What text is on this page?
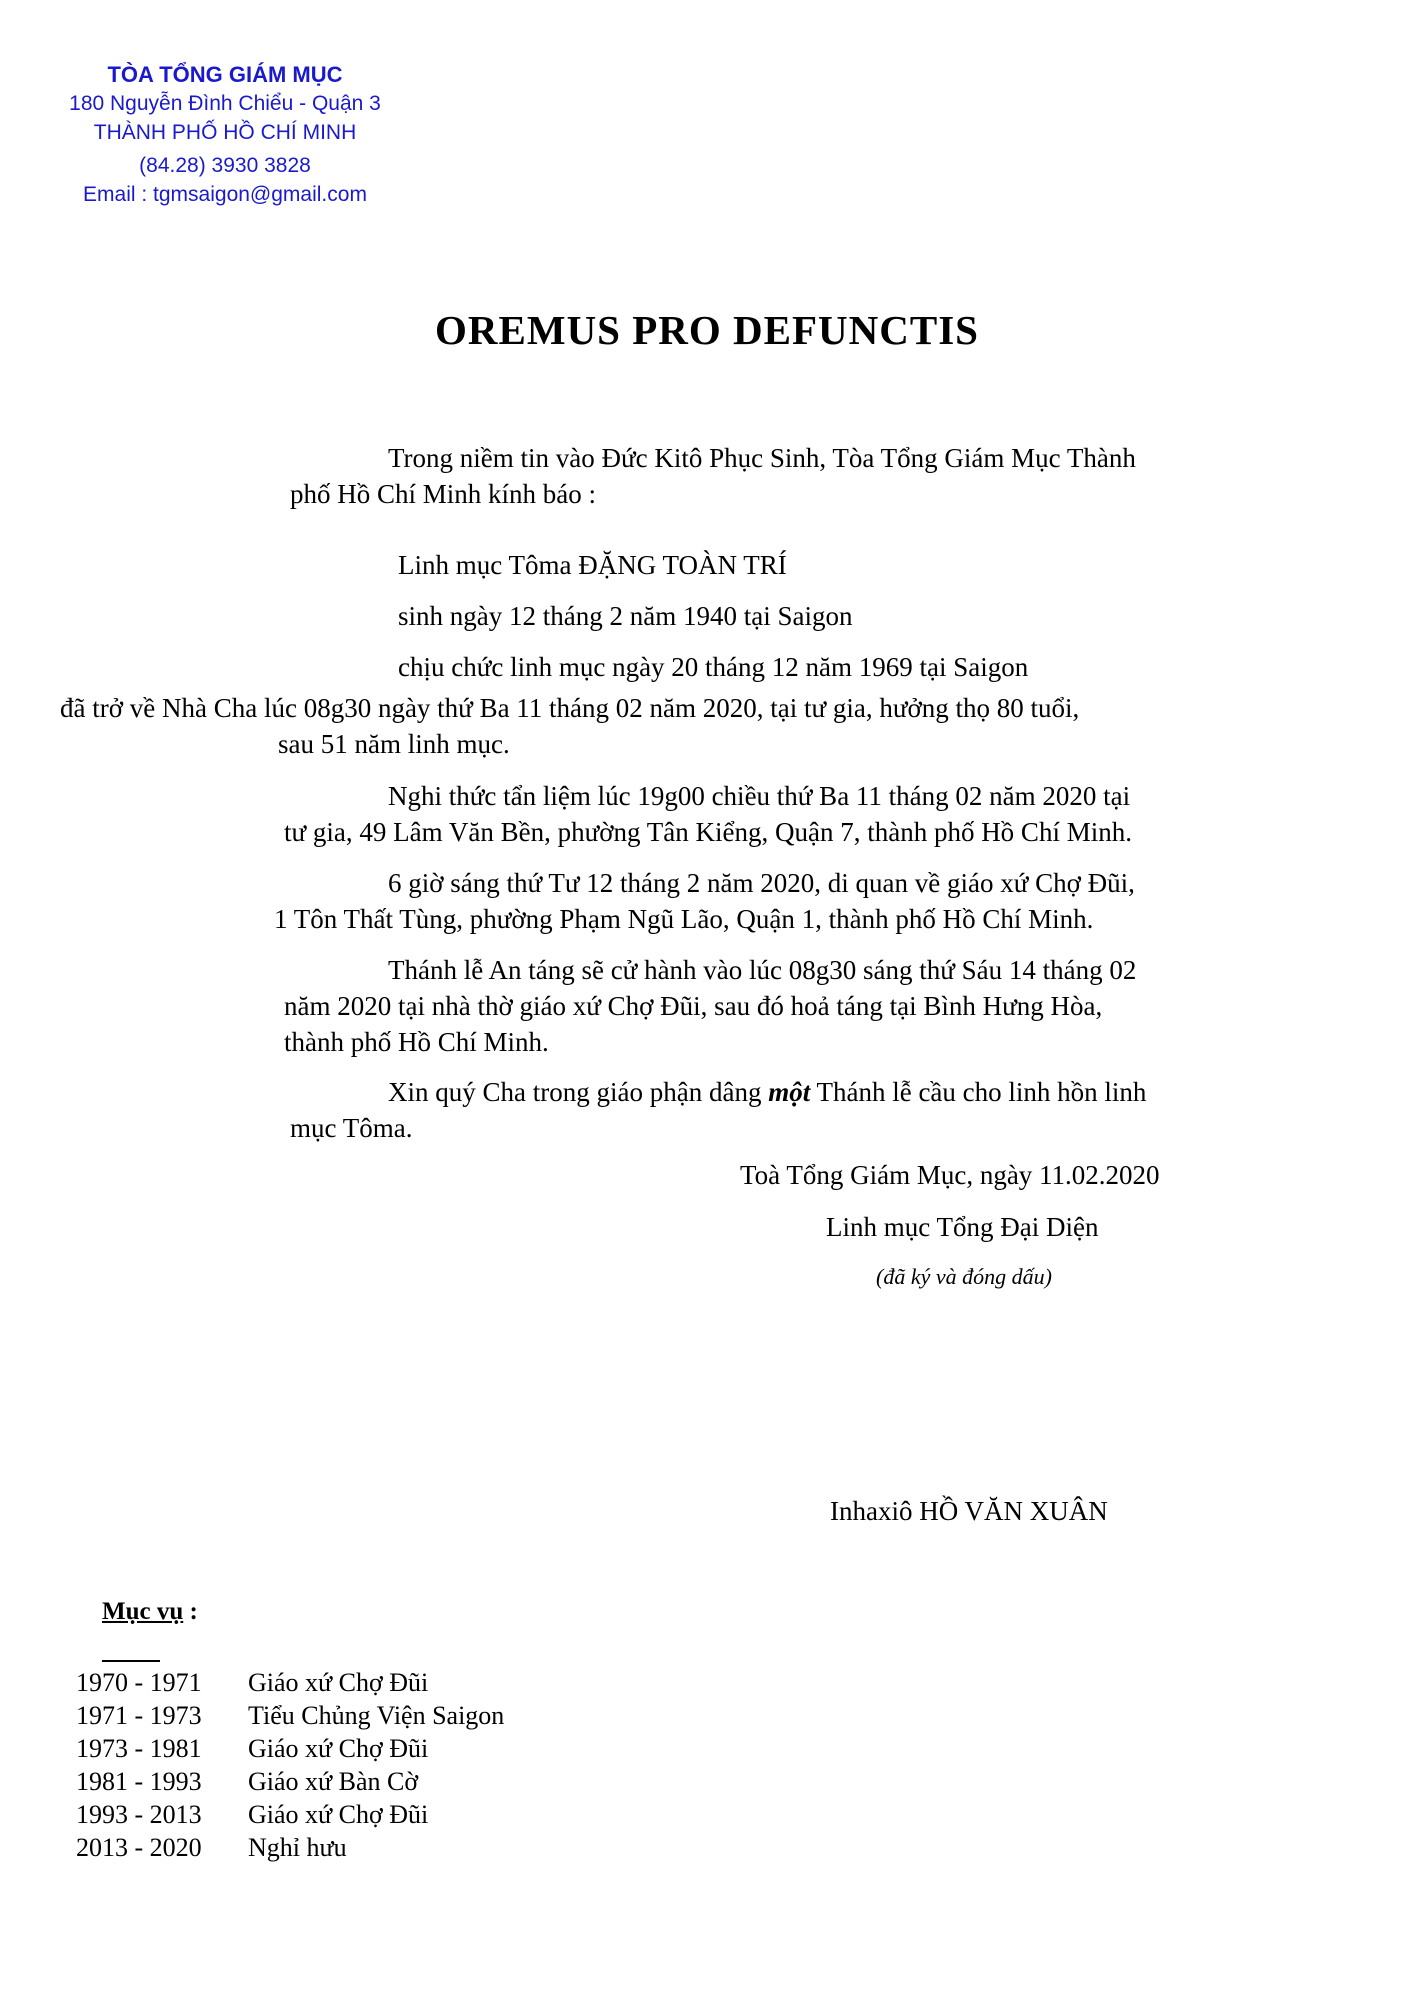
TÒA TỔNG GIÁM MỤC
180 Nguyễn Đình Chiểu - Quận 3
THÀNH PHỐ HỒ CHÍ MINH
(84.28) 3930 3828
Email : tgmsaigon@gmail.com
OREMUS PRO DEFUNCTIS
Trong niềm tin vào Đức Kitô Phục Sinh, Tòa Tổng Giám Mục Thành
phố Hồ Chí Minh kính báo :
Linh mục Tôma ĐẶNG TOÀN TRÍ
sinh ngày 12 tháng 2 năm 1940 tại Saigon
chịu chức linh mục ngày 20 tháng 12 năm 1969 tại Saigon
đã trở về Nhà Cha lúc 08g30 ngày thứ Ba 11 tháng 02 năm 2020, tại tư gia, hưởng thọ 80 tuổi,
sau 51 năm linh mục.
Nghi thức tẩn liệm lúc 19g00 chiều thứ Ba 11 tháng 02 năm 2020 tại
tư gia, 49 Lâm Văn Bền, phường Tân Kiểng, Quận 7, thành phố Hồ Chí Minh.
6 giờ sáng thứ Tư 12 tháng 2 năm 2020, di quan về giáo xứ Chợ Đũi,
1 Tôn Thất Tùng, phường Phạm Ngũ Lão, Quận 1, thành phố Hồ Chí Minh.
Thánh lễ An táng sẽ cử hành vào lúc 08g30 sáng thứ Sáu 14 tháng 02
năm 2020 tại nhà thờ giáo xứ Chợ Đũi, sau đó hoả táng tại Bình Hưng Hòa,
thành phố Hồ Chí Minh.
Xin quý Cha trong giáo phận dâng một Thánh lễ cầu cho linh hồn linh
mục Tôma.
Toà Tổng Giám Mục, ngày 11.02.2020
Linh mục Tổng Đại Diện
(đã ký và đóng dấu)
Inhaxiô HỒ VĂN XUÂN
Mục vụ :
1970 - 1971	Giáo xứ Chợ Đũi
1971 - 1973	Tiểu Chủng Viện Saigon
1973 - 1981	Giáo xứ Chợ Đũi
1981 - 1993	Giáo xứ Bàn Cờ
1993 - 2013	Giáo xứ Chợ Đũi
2013 - 2020	Nghỉ hưu
